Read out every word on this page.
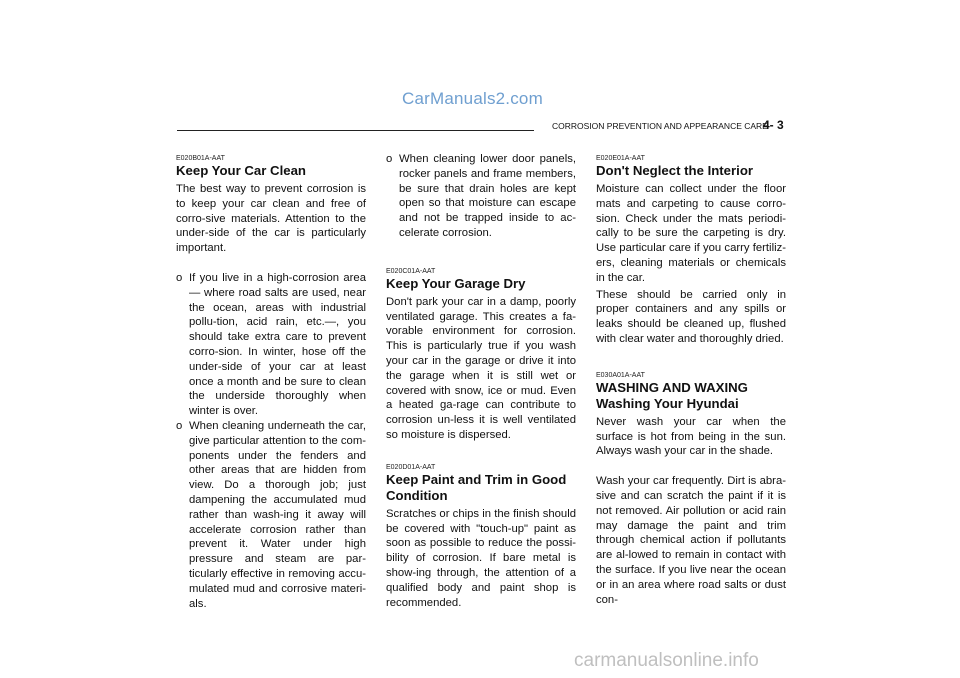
CarManuals2.com
CORROSION PREVENTION AND APPEARANCE CARE
4- 3
E020B01A-AAT
Keep Your Car Clean

The best way to prevent corrosion is to keep your car clean and free of corro-sive materials. Attention to the under-side of the car is particularly important.

o If you live in a high-corrosion area — where road salts are used, near the ocean, areas with industrial pollu-tion, acid rain, etc.—, you should take extra care to prevent corro-sion. In winter, hose off the under-side of your car at least once a month and be sure to clean the underside thoroughly when winter is over.
o When cleaning underneath the car, give particular attention to the com-ponents under the fenders and other areas that are hidden from view. Do a thorough job; just dampening the accumulated mud rather than wash-ing it away will accelerate corrosion rather than prevent it. Water under high pressure and steam are par-ticularly effective in removing accu-mulated mud and corrosive materi-als.
o When cleaning lower door panels, rocker panels and frame members, be sure that drain holes are kept open so that moisture can escape and not be trapped inside to ac-celerate corrosion.
E020C01A-AAT
Keep Your Garage Dry

Don't park your car in a damp, poorly ventilated garage. This creates a fa-vorable environment for corrosion. This is particularly true if you wash your car in the garage or drive it into the garage when it is still wet or covered with snow, ice or mud. Even a heated ga-rage can contribute to corrosion un-less it is well ventilated so moisture is dispersed.

E020D01A-AAT
Keep Paint and Trim in Good Condition

Scratches or chips in the finish should be covered with "touch-up" paint as soon as possible to reduce the possi-bility of corrosion. If bare metal is show-ing through, the attention of a qualified body and paint shop is recommended.

E020E01A-AAT
Don't Neglect the Interior

Moisture can collect under the floor mats and carpeting to cause corro-sion. Check under the mats periodi-cally to be sure the carpeting is dry. Use particular care if you carry fertiliz-ers, cleaning materials or chemicals in the car.

These should be carried only in proper containers and any spills or leaks should be cleaned up, flushed with clear water and thoroughly dried.

E030A01A-AAT
WASHING AND WAXING
Washing Your Hyundai

Never wash your car when the surface is hot from being in the sun. Always wash your car in the shade.

Wash your car frequently. Dirt is abra-sive and can scratch the paint if it is not removed. Air pollution or acid rain may damage the paint and trim through chemical action if pollutants are al-lowed to remain in contact with the surface. If you live near the ocean or in an area where road salts or dust con-

carmanualsonline.info
